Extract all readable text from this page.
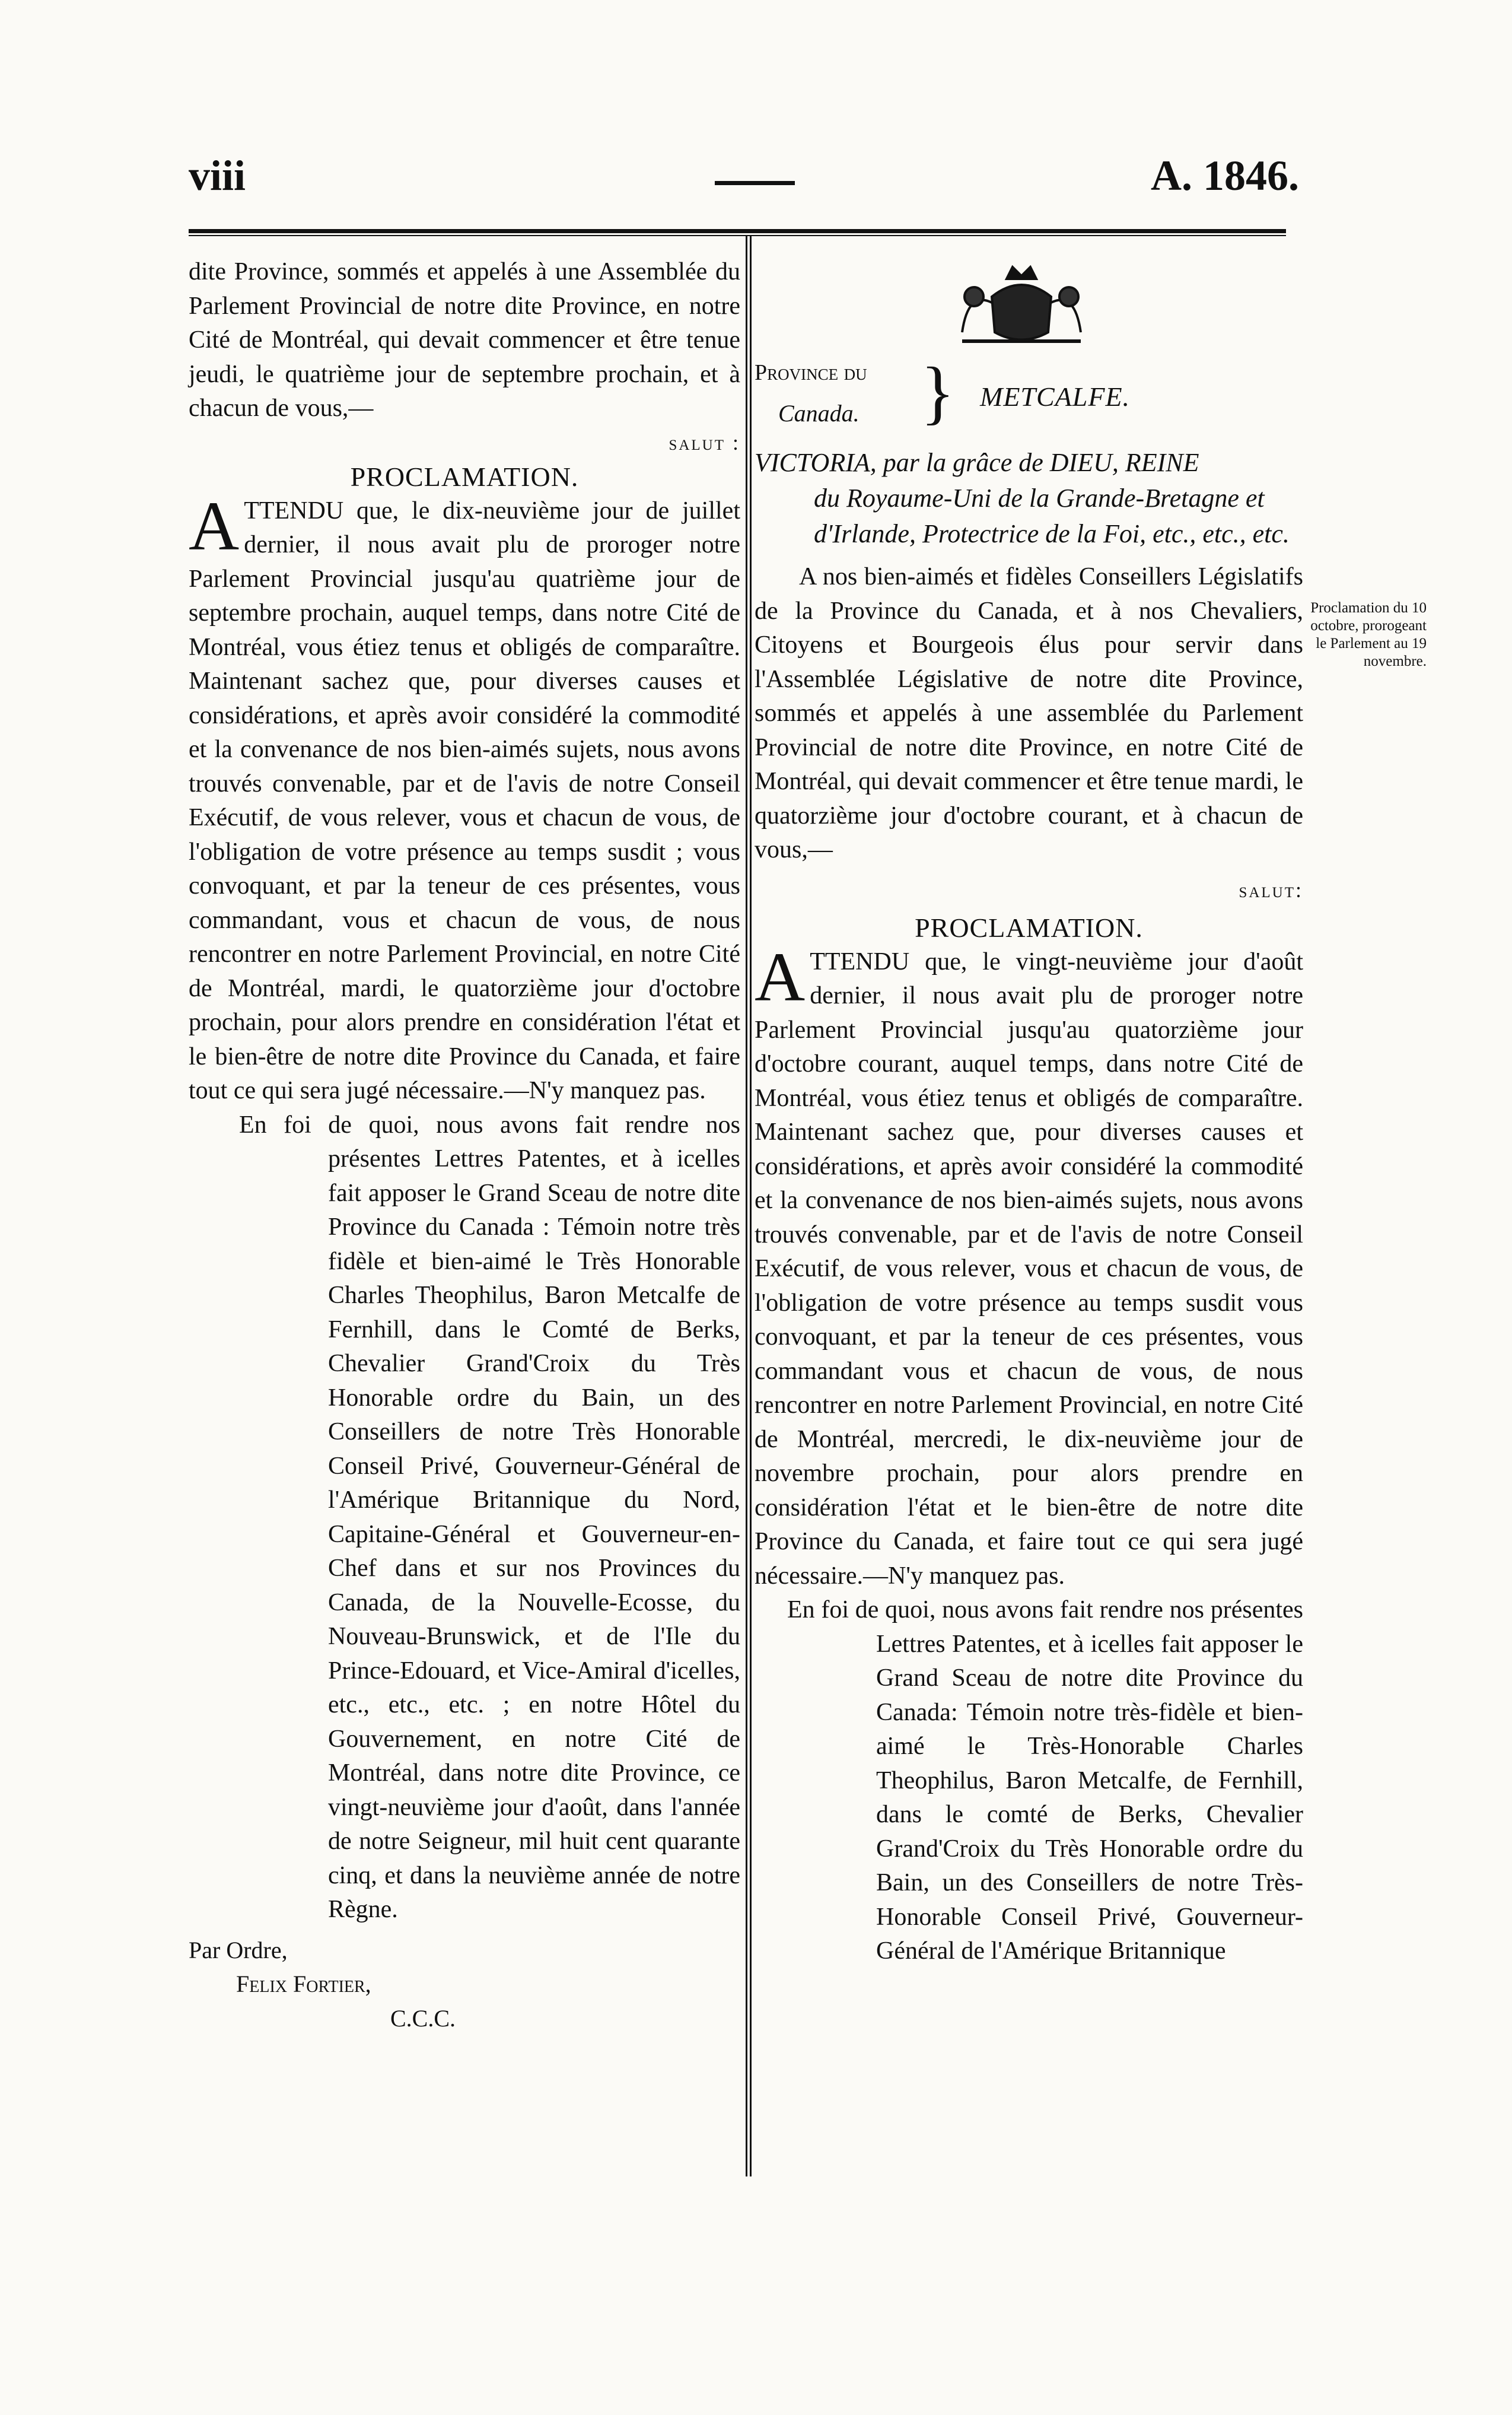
viii	A. 1846.

dite Province, sommés et appelés à une Assemblée du Parlement Provincial de notre dite Province, en notre Cité de Montréal, qui devait commencer et être tenue jeudi, le quatrième jour de septembre prochain, et à chacun de vous,—

salut :

PROCLAMATION.

A TTENDU que, le dix-neuvième jour de juillet dernier, il nous avait plu de proroger notre Parlement Provincial jusqu'au quatrième jour de septembre prochain, auquel temps, dans notre Cité de Montréal, vous étiez tenus et obligés de comparaître. Maintenant sachez que, pour diverses causes et considérations, et après avoir considéré la commodité et la convenance de nos bien-aimés sujets, nous avons trouvés convenable, par et de l'avis de notre Conseil Exécutif, de vous relever, vous et chacun de vous, de l'obligation de votre présence au temps susdit ; vous convoquant, et par la teneur de ces présentes, vous commandant, vous et chacun de vous, de nous rencontrer en notre Parlement Provincial, en notre Cité de Montréal, mardi, le quatorzième jour d'octobre prochain, pour alors prendre en considération l'état et le bien-être de notre dite Province du Canada, et faire tout ce qui sera jugé nécessaire.—N'y manquez pas.

En foi de quoi, nous avons fait rendre nos présentes Lettres Patentes, et à icelles fait apposer le Grand Sceau de notre dite Province du Canada : Témoin notre très fidèle et bien-aimé le Très Honorable Charles Theophilus, Baron Metcalfe de Fernhill, dans le Comté de Berks, Chevalier Grand'Croix du Très Honorable ordre du Bain, un des Conseillers de notre Très Honorable Conseil Privé, Gouverneur-Général de l'Amérique Britannique du Nord, Capitaine-Général et Gouverneur-en-Chef dans et sur nos Provinces du Canada, de la Nouvelle-Ecosse, du Nouveau-Brunswick, et de l'Ile du Prince-Edouard, et Vice-Amiral d'icelles, etc., etc., etc. ; en notre Hôtel du Gouvernement, en notre Cité de Montréal, dans notre dite Province, ce vingt-neuvième jour d'août, dans l'année de notre Seigneur, mil huit cent quarante cinq, et dans la neuvième année de notre Règne.

Par Ordre,

Felix Fortier,

C.C.C.

Province du
Canada. } METCALFE.
VICTORIA, par la grâce de DIEU, REINE
du Royaume-Uni de la Grande-Bretagne et d'Irlande, Protectrice de la Foi, etc., etc., etc.

A nos bien-aimés et fidèles Conseillers Législatifs de la Province du Canada, et à nos Chevaliers, Citoyens et Bourgeois élus pour servir dans l'Assemblée Législative de notre dite Province, sommés et appelés à une assemblée du Parlement Provincial de notre dite Province, en notre Cité de Montréal, qui devait commencer et être tenue mardi, le quatorzième jour d'octobre courant, et à chacun de vous,—

salut:

PROCLAMATION.

A TTENDU que, le vingt-neuvième jour d'août dernier, il nous avait plu de proroger notre Parlement Provincial jusqu'au quatorzième jour d'octobre courant, auquel temps, dans notre Cité de Montréal, vous étiez tenus et obligés de comparaître. Maintenant sachez que, pour diverses causes et considérations, et après avoir considéré la commodité et la convenance de nos bien-aimés sujets, nous avons trouvés convenable, par et de l'avis de notre Conseil Exécutif, de vous relever, vous et chacun de vous, de l'obligation de votre présence au temps susdit vous convoquant, et par la teneur de ces présentes, vous commandant vous et chacun de vous, de nous rencontrer en notre Parlement Provincial, en notre Cité de Montréal, mercredi, le dix-neuvième jour de novembre prochain, pour alors prendre en considération l'état et le bien-être de notre dite Province du Canada, et faire tout ce qui sera jugé nécessaire.—N'y manquez pas.

En foi de quoi, nous avons fait rendre nos présentes Lettres Patentes, et à icelles fait apposer le Grand Sceau de notre dite Province du Canada: Témoin notre très-fidèle et bien-aimé le Très-Honorable Charles Theophilus, Baron Metcalfe, de Fernhill, dans le comté de Berks, Chevalier Grand'Croix du Très Honorable ordre du Bain, un des Conseillers de notre Très-Honorable Conseil Privé, Gouverneur-Général de l'Amérique Britannique

Proclamation du 10 octobre, prorogeant le Parlement au 19 novembre.
